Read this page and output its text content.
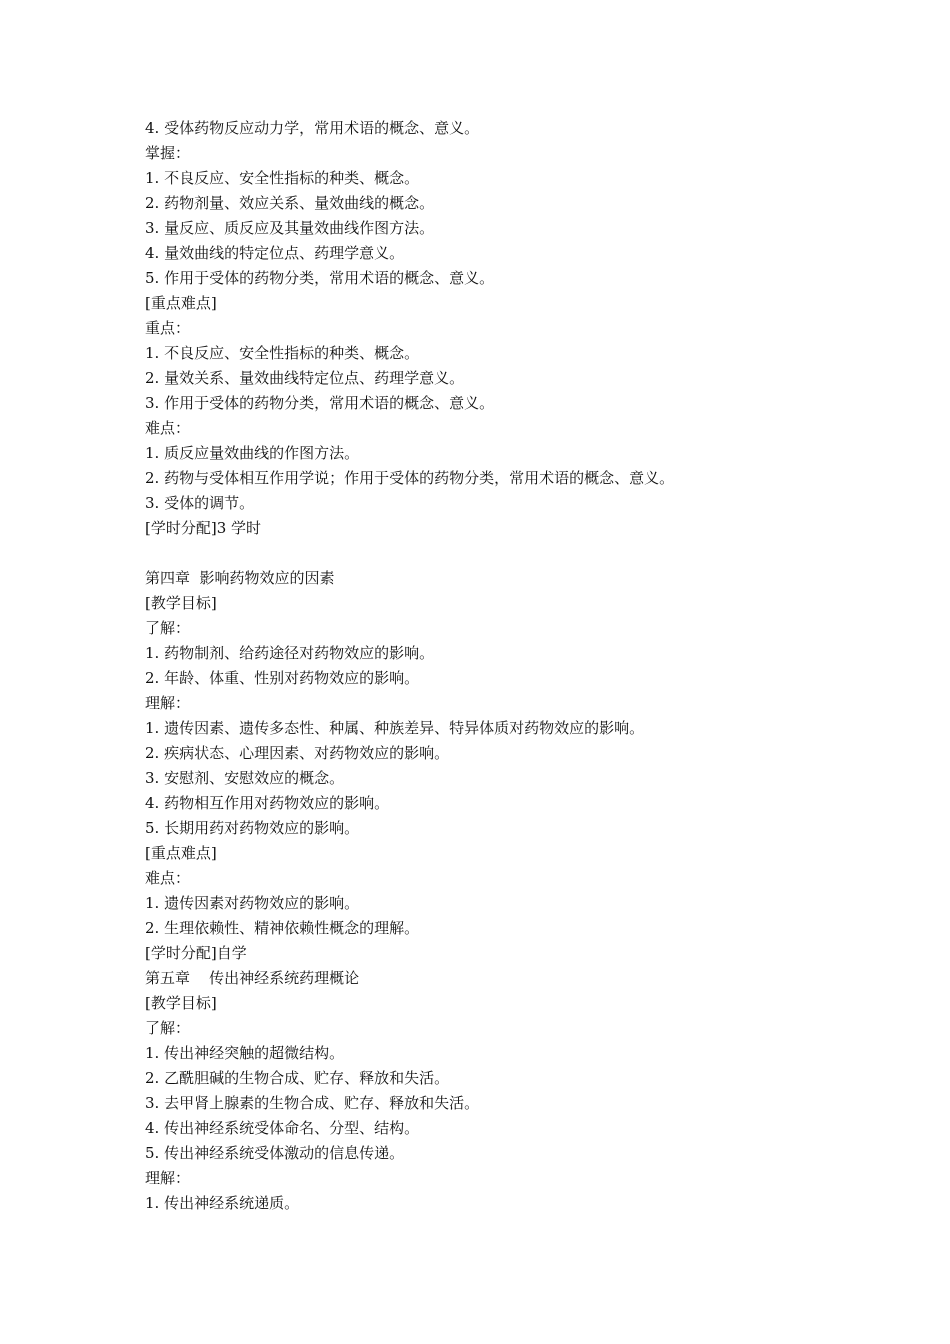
4. 受体药物反应动力学，常用术语的概念、意义。
掌握：
1. 不良反应、安全性指标的种类、概念。
2. 药物剂量、效应关系、量效曲线的概念。
3. 量反应、质反应及其量效曲线作图方法。
4. 量效曲线的特定位点、药理学意义。
5. 作用于受体的药物分类，常用术语的概念、意义。
[重点难点]
重点：
1. 不良反应、安全性指标的种类、概念。
2. 量效关系、量效曲线特定位点、药理学意义。
3. 作用于受体的药物分类，常用术语的概念、意义。
难点：
1. 质反应量效曲线的作图方法。
2. 药物与受体相互作用学说；作用于受体的药物分类，常用术语的概念、意义。
3. 受体的调节。
[学时分配]3 学时
第四章  影响药物效应的因素
[教学目标]
了解：
1. 药物制剂、给药途径对药物效应的影响。
2. 年龄、体重、性别对药物效应的影响。
理解：
1. 遗传因素、遗传多态性、种属、种族差异、特异体质对药物效应的影响。
2. 疾病状态、心理因素、对药物效应的影响。
3. 安慰剂、安慰效应的概念。
4. 药物相互作用对药物效应的影响。
5. 长期用药对药物效应的影响。
[重点难点]
难点：
1. 遗传因素对药物效应的影响。
2. 生理依赖性、精神依赖性概念的理解。
[学时分配]自学
第五章    传出神经系统药理概论
[教学目标]
了解：
1. 传出神经突触的超微结构。
2. 乙酰胆碱的生物合成、贮存、释放和失活。
3. 去甲肾上腺素的生物合成、贮存、释放和失活。
4. 传出神经系统受体命名、分型、结构。
5. 传出神经系统受体激动的信息传递。
理解：
1. 传出神经系统递质。
